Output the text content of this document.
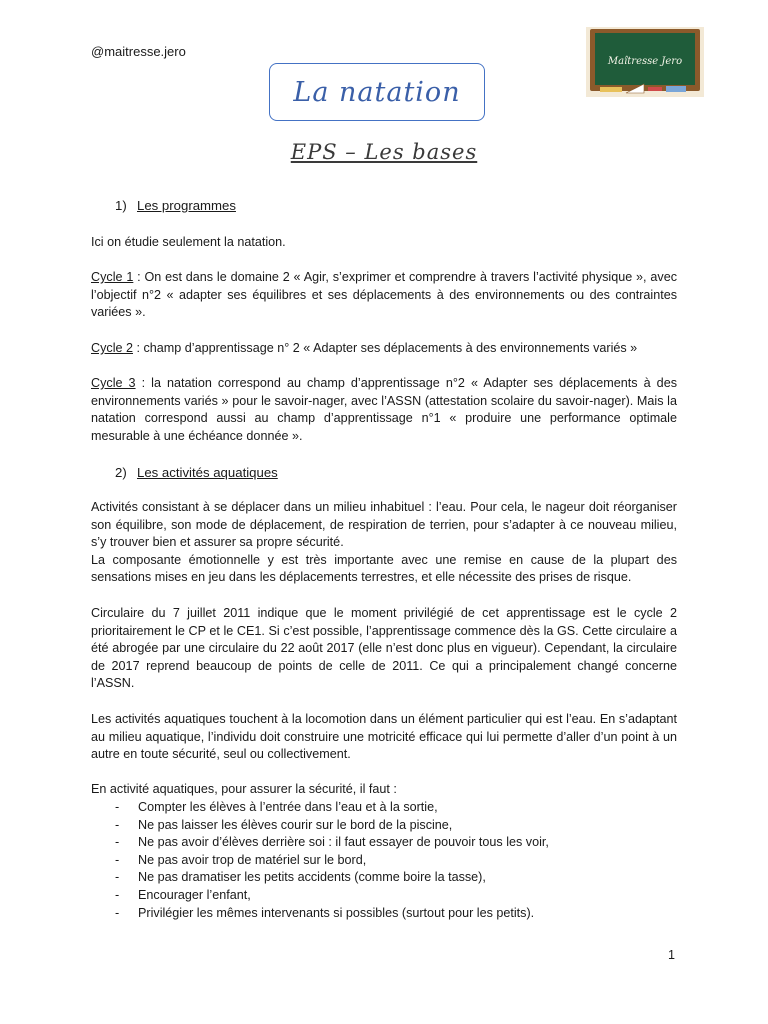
@maitresse.jero
Maîtresse Jero
La natation
EPS – Les bases
1) Les programmes

Ici on étudie seulement la natation.

Cycle 1 : On est dans le domaine 2 « Agir, s’exprimer et comprendre à travers l’activité physique », avec l’objectif n°2 « adapter ses équilibres et ses déplacements à des environnements ou des contraintes variées ».

Cycle 2 : champ d’apprentissage n° 2 « Adapter ses déplacements à des environnements variés »

Cycle 3 : la natation correspond au champ d’apprentissage n°2 « Adapter ses déplacements à des environnements variés » pour le savoir-nager, avec l’ASSN (attestation scolaire du savoir-nager). Mais la natation correspond aussi au champ d’apprentissage n°1 « produire une performance optimale mesurable à une échéance donnée ».

2) Les activités aquatiques

Activités consistant à se déplacer dans un milieu inhabituel : l’eau. Pour cela, le nageur doit réorganiser son équilibre, son mode de déplacement, de respiration de terrien, pour s’adapter à ce nouveau milieu, s’y trouver bien et assurer sa propre sécurité.

La composante émotionnelle y est très importante avec une remise en cause de la plupart des sensations mises en jeu dans les déplacements terrestres, et elle nécessite des prises de risque.

Circulaire du 7 juillet 2011 indique que le moment privilégié de cet apprentissage est le cycle 2 prioritairement le CP et le CE1. Si c’est possible, l’apprentissage commence dès la GS. Cette circulaire a été abrogée par une circulaire du 22 août 2017 (elle n’est donc plus en vigueur). Cependant, la circulaire de 2017 reprend beaucoup de points de celle de 2011. Ce qui a principalement changé concerne l’ASSN.

Les activités aquatiques touchent à la locomotion dans un élément particulier qui est l’eau. En s’adaptant au milieu aquatique, l’individu doit construire une motricité efficace qui lui permette d’aller d’un point à un autre en toute sécurité, seul ou collectivement.

En activité aquatiques, pour assurer la sécurité, il faut :

- Compter les élèves à l’entrée dans l’eau et à la sortie,
- Ne pas laisser les élèves courir sur le bord de la piscine,
- Ne pas avoir d’élèves derrière soi : il faut essayer de pouvoir tous les voir,
- Ne pas avoir trop de matériel sur le bord,
- Ne pas dramatiser les petits accidents (comme boire la tasse),
- Encourager l’enfant,
- Privilégier les mêmes intervenants si possibles (surtout pour les petits).
1
